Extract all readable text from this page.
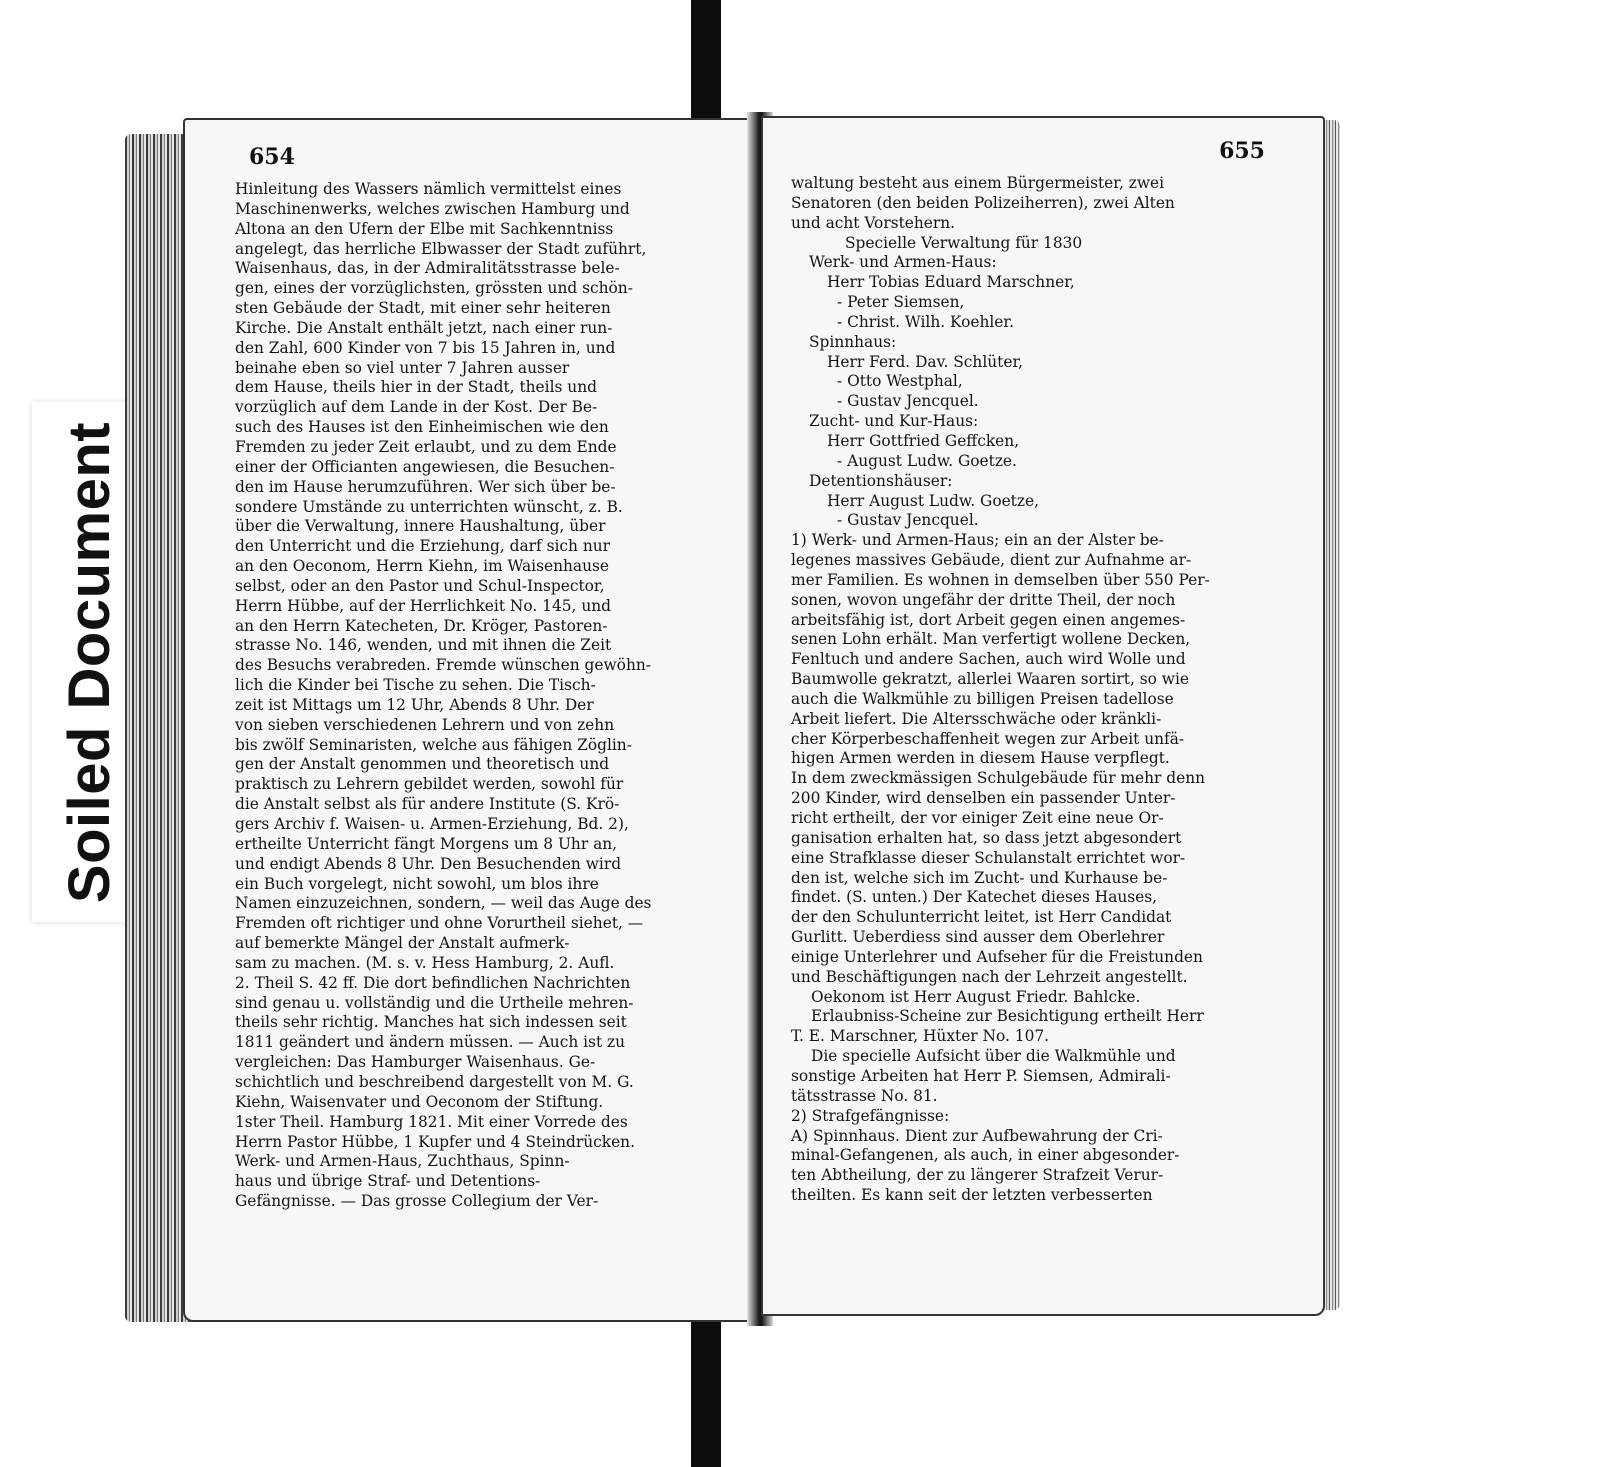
Soiled Document
654
Hinleitung des Wassers nämlich vermittelst eines
Maschinenwerks, welches zwischen Hamburg und
Altona an den Ufern der Elbe mit Sachkenntniss
angelegt, das herrliche Elbwasser der Stadt zuführt,
Waisenhaus, das, in der Admiralitätsstrasse bele-
gen, eines der vorzüglichsten, grössten und schön-
sten Gebäude der Stadt, mit einer sehr heiteren
Kirche. Die Anstalt enthält jetzt, nach einer run-
den Zahl, 600 Kinder von 7 bis 15 Jahren in, und
beinahe eben so viel unter 7 Jahren ausser
dem Hause, theils hier in der Stadt, theils und
vorzüglich auf dem Lande in der Kost. Der Be-
such des Hauses ist den Einheimischen wie den
Fremden zu jeder Zeit erlaubt, und zu dem Ende
einer der Officianten angewiesen, die Besuchen-
den im Hause herumzuführen. Wer sich über be-
sondere Umstände zu unterrichten wünscht, z. B.
über die Verwaltung, innere Haushaltung, über
den Unterricht und die Erziehung, darf sich nur
an den Oeconom, Herrn Kiehn, im Waisenhause
selbst, oder an den Pastor und Schul-Inspector,
Herrn Hübbe, auf der Herrlichkeit No. 145, und
an den Herrn Katecheten, Dr. Kröger, Pastoren-
strasse No. 146, wenden, und mit ihnen die Zeit
des Besuchs verabreden. Fremde wünschen gewöhn-
lich die Kinder bei Tische zu sehen. Die Tisch-
zeit ist Mittags um 12 Uhr, Abends 8 Uhr. Der
von sieben verschiedenen Lehrern und von zehn
bis zwölf Seminaristen, welche aus fähigen Zöglin-
gen der Anstalt genommen und theoretisch und
praktisch zu Lehrern gebildet werden, sowohl für
die Anstalt selbst als für andere Institute (S. Krö-
gers Archiv f. Waisen- u. Armen-Erziehung, Bd. 2),
ertheilte Unterricht fängt Morgens um 8 Uhr an,
und endigt Abends 8 Uhr. Den Besuchenden wird
ein Buch vorgelegt, nicht sowohl, um blos ihre
Namen einzuzeichnen, sondern, — weil das Auge des
Fremden oft richtiger und ohne Vorurtheil siehet, —
auf bemerkte Mängel der Anstalt aufmerk-
sam zu machen. (M. s. v. Hess Hamburg, 2. Aufl.
2. Theil S. 42 ff. Die dort befindlichen Nachrichten
sind genau u. vollständig und die Urtheile mehren-
theils sehr richtig. Manches hat sich indessen seit
1811 geändert und ändern müssen. — Auch ist zu
vergleichen: Das Hamburger Waisenhaus. Ge-
schichtlich und beschreibend dargestellt von M. G.
Kiehn, Waisenvater und Oeconom der Stiftung.
1ster Theil. Hamburg 1821. Mit einer Vorrede des
Herrn Pastor Hübbe, 1 Kupfer und 4 Steindrücken.
Werk- und Armen-Haus, Zuchthaus, Spinn-
haus und übrige Straf- und Detentions-
Gefängnisse. — Das grosse Collegium der Ver-
655
waltung besteht aus einem Bürgermeister, zwei
Senatoren (den beiden Polizeiherren), zwei Alten
und acht Vorstehern.
Specielle Verwaltung für 1830
Werk- und Armen-Haus:
Herr Tobias Eduard Marschner,
- Peter Siemsen,
- Christ. Wilh. Koehler.
Spinnhaus:
Herr Ferd. Dav. Schlüter,
- Otto Westphal,
- Gustav Jencquel.
Zucht- und Kur-Haus:
Herr Gottfried Geffcken,
- August Ludw. Goetze.
Detentionshäuser:
Herr August Ludw. Goetze,
- Gustav Jencquel.
1) Werk- und Armen-Haus; ein an der Alster be-
legenes massives Gebäude, dient zur Aufnahme ar-
mer Familien. Es wohnen in demselben über 550 Per-
sonen, wovon ungefähr der dritte Theil, der noch
arbeitsfähig ist, dort Arbeit gegen einen angemes-
senen Lohn erhält. Man verfertigt wollene Decken,
Fenltuch und andere Sachen, auch wird Wolle und
Baumwolle gekratzt, allerlei Waaren sortirt, so wie
auch die Walkmühle zu billigen Preisen tadellose
Arbeit liefert. Die Altersschwäche oder kränkli-
cher Körperbeschaffenheit wegen zur Arbeit unfä-
higen Armen werden in diesem Hause verpflegt.
In dem zweckmässigen Schulgebäude für mehr denn
200 Kinder, wird denselben ein passender Unter-
richt ertheilt, der vor einiger Zeit eine neue Or-
ganisation erhalten hat, so dass jetzt abgesondert
eine Strafklasse dieser Schulanstalt errichtet wor-
den ist, welche sich im Zucht- und Kurhause be-
findet. (S. unten.) Der Katechet dieses Hauses,
der den Schulunterricht leitet, ist Herr Candidat
Gurlitt. Ueberdiess sind ausser dem Oberlehrer
einige Unterlehrer und Aufseher für die Freistunden
und Beschäftigungen nach der Lehrzeit angestellt.
Oekonom ist Herr August Friedr. Bahlcke.
Erlaubniss-Scheine zur Besichtigung ertheilt Herr
T. E. Marschner, Hüxter No. 107.
Die specielle Aufsicht über die Walkmühle und
sonstige Arbeiten hat Herr P. Siemsen, Admirali-
tätsstrasse No. 81.
2) Strafgefängnisse:
A) Spinnhaus. Dient zur Aufbewahrung der Cri-
minal-Gefangenen, als auch, in einer abgesonder-
ten Abtheilung, der zu längerer Strafzeit Verur-
theilten. Es kann seit der letzten verbesserten
